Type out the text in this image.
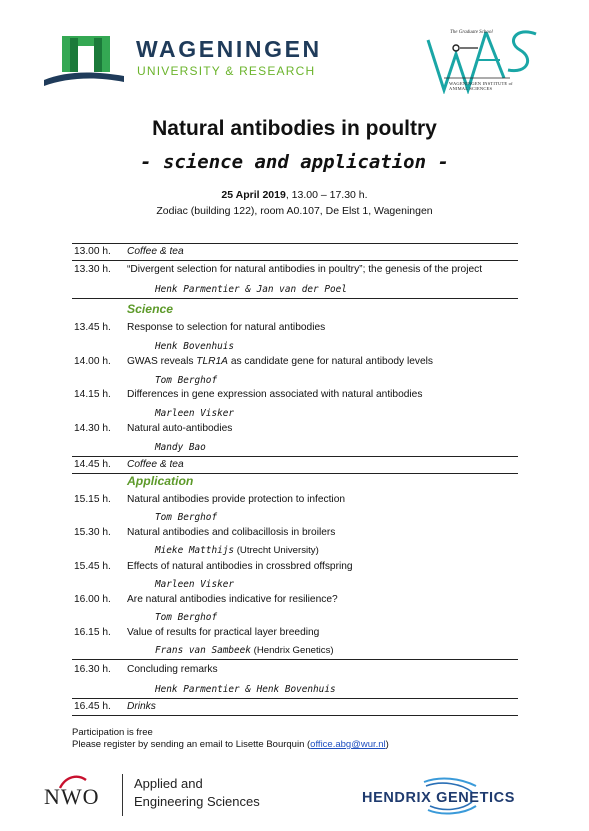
WAGENINGEN
UNIVERSITY & RESEARCH
The Graduate School
WAGENINGEN INSTITUTE of
ANIMAL SCIENCES
Natural antibodies in poultry
- science and application -
25 April 2019, 13.00 – 17.30 h.
Zodiac (building 122), room A0.107, De Elst 1, Wageningen
13.00 h. Coffee & tea
13.30 h. “Divergent selection for natural antibodies in poultry”; the genesis of the project
Henk Parmentier & Jan van der Poel
Science
13.45 h. Response to selection for natural antibodies
Henk Bovenhuis
14.00 h. GWAS reveals TLR1A as candidate gene for natural antibody levels
Tom Berghof
14.15 h. Differences in gene expression associated with natural antibodies
Marleen Visker
14.30 h. Natural auto-antibodies
Mandy Bao
14.45 h. Coffee & tea
Application
15.15 h. Natural antibodies provide protection to infection
Tom Berghof
15.30 h. Natural antibodies and colibacillosis in broilers
Mieke Matthijs (Utrecht University)
15.45 h. Effects of natural antibodies in crossbred offspring
Marleen Visker
16.00 h. Are natural antibodies indicative for resilience?
Tom Berghof
16.15 h. Value of results for practical layer breeding
Frans van Sambeek (Hendrix Genetics)
16.30 h. Concluding remarks
Henk Parmentier & Henk Bovenhuis
16.45 h. Drinks
Participation is free
Please register by sending an email to Lisette Bourquin (office.abg@wur.nl)
NWO
Applied and
Engineering Sciences	HENDRIX GENETICS
